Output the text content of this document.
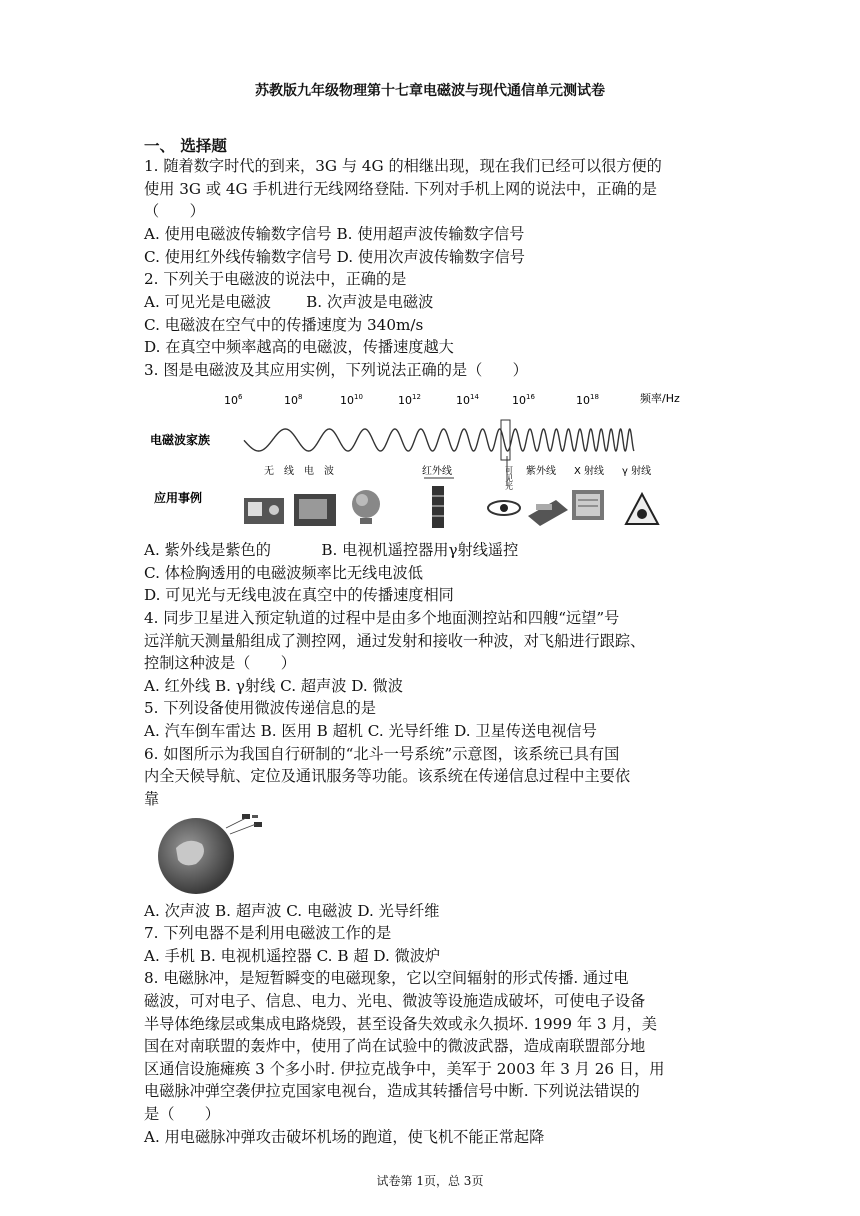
苏教版九年级物理第十七章电磁波与现代通信单元测试卷
一、 选择题
1. 随着数字时代的到来，3G 与 4G 的相继出现，现在我们已经可以很方便的
使用 3G 或 4G 手机进行无线网络登陆. 下列对手机上网的说法中，正确的是
（　　）
A. 使用电磁波传输数字信号 B. 使用超声波传输数字信号
C. 使用红外线传输数字信号 D. 使用次声波传输数字信号
2. 下列关于电磁波的说法中，正确的是
A. 可见光是电磁波　　 B. 次声波是电磁波
C. 电磁波在空气中的传播速度为 340m/s
D. 在真空中频率越高的电磁波，传播速度越大
3. 图是电磁波及其应用实例，下列说法正确的是（　　）
$10^6$	$10^8$	$10^{10}$	$10^{12}$	$10^{14}$	$10^{16}$	$10^{18}$	频率/Hz
电磁波家族
应用事例
无　线　电　波	红外线	可见光 紫外线 X 射线 γ 射线
A. 紫外线是紫色的　　　 B. 电视机遥控器用γ射线遥控
C. 体检胸透用的电磁波频率比无线电波低
D. 可见光与无线电波在真空中的传播速度相同
4. 同步卫星进入预定轨道的过程中是由多个地面测控站和四艘“远望”号
远洋航天测量船组成了测控网，通过发射和接收一种波，对飞船进行跟踪、
控制这种波是（　　）
A. 红外线 B. γ射线 C. 超声波 D. 微波
5. 下列设备使用微波传递信息的是
A. 汽车倒车雷达 B. 医用 B 超机 C. 光导纤维 D. 卫星传送电视信号
6. 如图所示为我国自行研制的“北斗一号系统”示意图，该系统已具有国
内全天候导航、定位及通讯服务等功能。该系统在传递信息过程中主要依
靠
A. 次声波 B. 超声波 C. 电磁波 D. 光导纤维
7. 下列电器不是利用电磁波工作的是
A. 手机 B. 电视机遥控器 C. B 超 D. 微波炉
8. 电磁脉冲，是短暂瞬变的电磁现象，它以空间辐射的形式传播. 通过电
磁波，可对电子、信息、电力、光电、微波等设施造成破坏，可使电子设备
半导体绝缘层或集成电路烧毁，甚至设备失效或永久损坏. 1999 年 3 月，美
国在对南联盟的轰炸中，使用了尚在试验中的微波武器，造成南联盟部分地
区通信设施瘫痪 3 个多小时. 伊拉克战争中，美军于 2003 年 3 月 26 日，用
电磁脉冲弹空袭伊拉克国家电视台，造成其转播信号中断. 下列说法错误的
是（　　）
A. 用电磁脉冲弹攻击破坏机场的跑道，使飞机不能正常起降
试卷第 1页，总 3页
